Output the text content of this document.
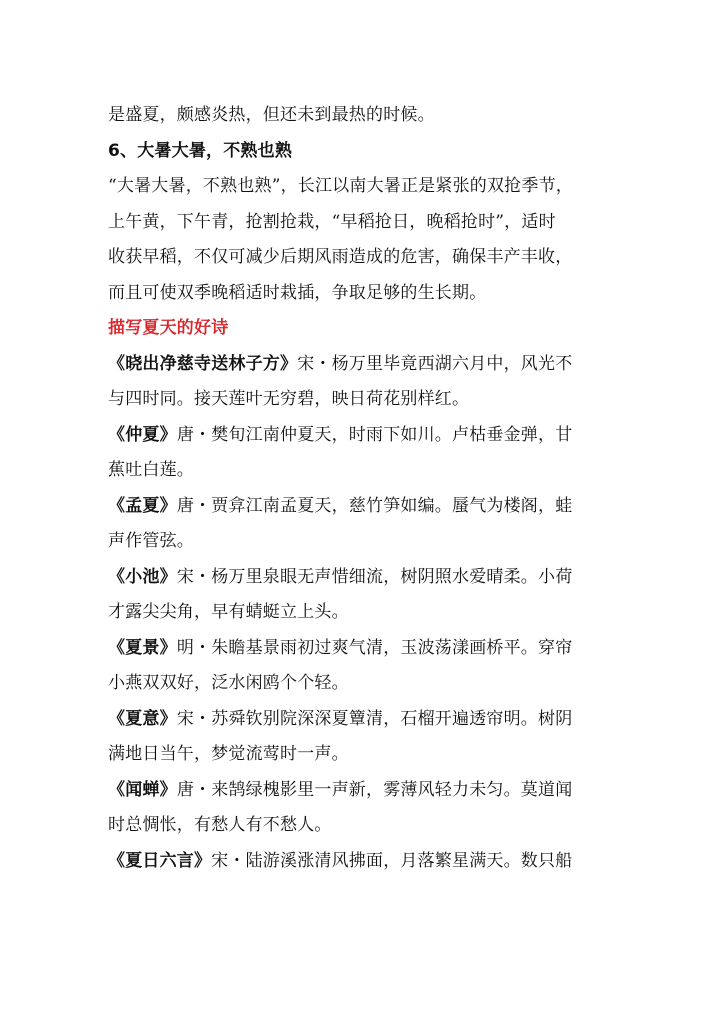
是盛夏，颇感炎热，但还未到最热的时候。
6、大暑大暑，不熟也熟
“大暑大暑，不熟也熟”，长江以南大暑正是紧张的双抢季节，
上午黄，下午青，抢割抢栽，“早稻抢日，晚稻抢时”，适时
收获早稻，不仅可减少后期风雨造成的危害，确保丰产丰收，
而且可使双季晚稻适时栽插，争取足够的生长期。
描写夏天的好诗
《晓出净慈寺送林子方》宋・杨万里毕竟西湖六月中，风光不
与四时同。接天莲叶无穷碧，映日荷花别样红。
《仲夏》唐・樊旬江南仲夏天，时雨下如川。卢枯垂金弹，甘
蕉吐白莲。
《孟夏》唐・贾弇江南孟夏天，慈竹笋如编。蜃气为楼阁，蛙
声作管弦。
《小池》宋・杨万里泉眼无声惜细流，树阴照水爱晴柔。小荷
才露尖尖角，早有蜻蜓立上头。
《夏景》明・朱瞻基景雨初过爽气清，玉波荡漾画桥平。穿帘
小燕双双好，泛水闲鸥个个轻。
《夏意》宋・苏舜钦别院深深夏簟清，石榴开遍透帘明。树阴
满地日当午，梦觉流莺时一声。
《闻蝉》唐・来鹄绿槐影里一声新，雾薄风轻力未匀。莫道闻
时总惆怅，有愁人有不愁人。
《夏日六言》宋・陆游溪涨清风拂面，月落繁星满天。数只船
